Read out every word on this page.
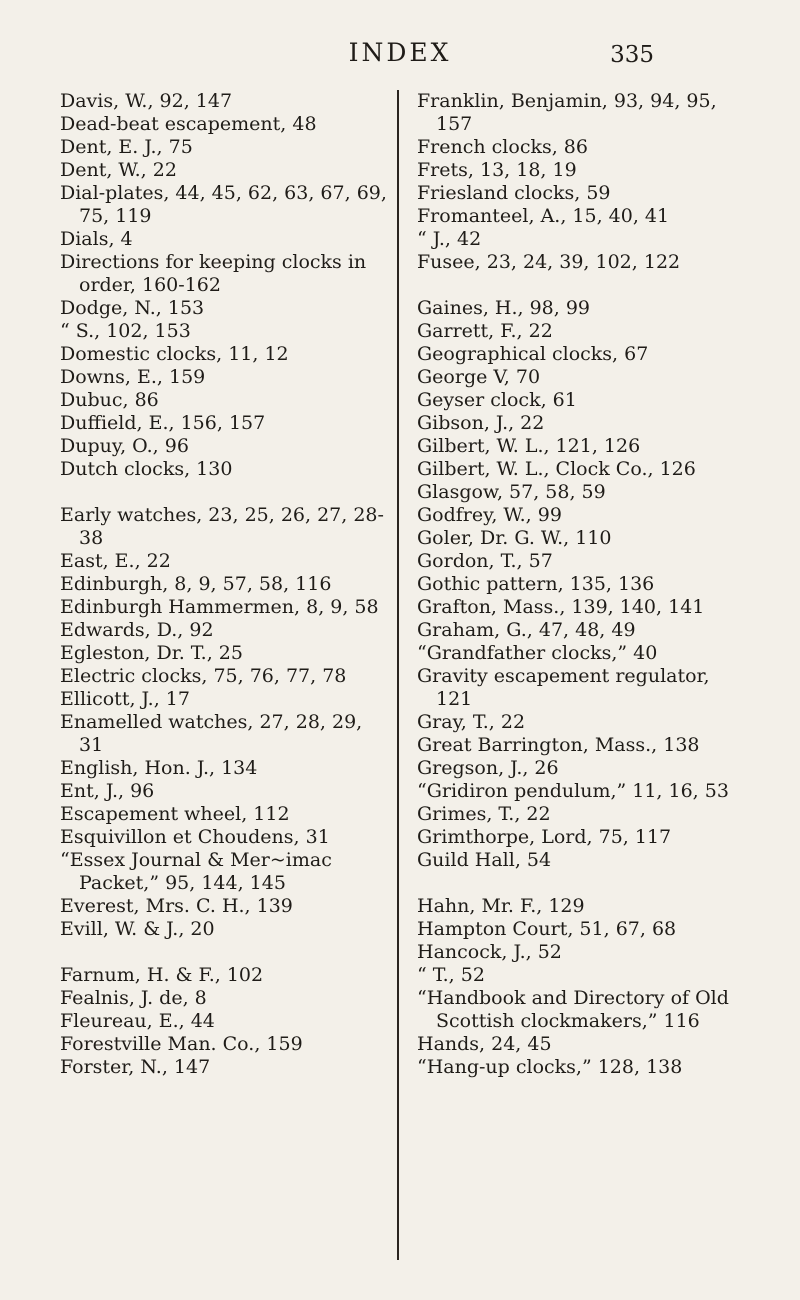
INDEX	335

Davis, W., 92, 147

Dead-beat escapement, 48

Dent, E. J., 75

Dent, W., 22

Dial-plates, 44, 45, 62, 63, 67, 69, 75, 119

Dials, 4

Directions for keeping clocks in order, 160-162

Dodge, N., 153

“ S., 102, 153

Domestic clocks, 11, 12

Downs, E., 159

Dubuc, 86

Duffield, E., 156, 157

Dupuy, O., 96

Dutch clocks, 130

Early watches, 23, 25, 26, 27, 28-38

East, E., 22

Edinburgh, 8, 9, 57, 58, 116

Edinburgh Hammermen, 8, 9, 58

Edwards, D., 92

Egleston, Dr. T., 25

Electric clocks, 75, 76, 77, 78

Ellicott, J., 17

Enamelled watches, 27, 28, 29, 31

English, Hon. J., 134

Ent, J., 96

Escapement wheel, 112

Esquivillon et Choudens, 31

“Essex Journal & Mer~imac Packet,” 95, 144, 145

Everest, Mrs. C. H., 139

Evill, W. & J., 20

Farnum, H. & F., 102

Fealnis, J. de, 8

Fleureau, E., 44

Forestville Man. Co., 159

Forster, N., 147

Franklin, Benjamin, 93, 94, 95, 157

French clocks, 86

Frets, 13, 18, 19

Friesland clocks, 59

Fromanteel, A., 15, 40, 41

“ J., 42

Fusee, 23, 24, 39, 102, 122

Gaines, H., 98, 99

Garrett, F., 22

Geographical clocks, 67

George V, 70

Geyser clock, 61

Gibson, J., 22

Gilbert, W. L., 121, 126

Gilbert, W. L., Clock Co., 126

Glasgow, 57, 58, 59

Godfrey, W., 99

Goler, Dr. G. W., 110

Gordon, T., 57

Gothic pattern, 135, 136

Grafton, Mass., 139, 140, 141

Graham, G., 47, 48, 49

“Grandfather clocks,” 40

Gravity escapement regulator, 121

Gray, T., 22

Great Barrington, Mass., 138

Gregson, J., 26

“Gridiron pendulum,” 11, 16, 53

Grimes, T., 22

Grimthorpe, Lord, 75, 117

Guild Hall, 54

Hahn, Mr. F., 129

Hampton Court, 51, 67, 68

Hancock, J., 52

“ T., 52

“Handbook and Directory of Old Scottish clockmakers,” 116

Hands, 24, 45

“Hang-up clocks,” 128, 138
